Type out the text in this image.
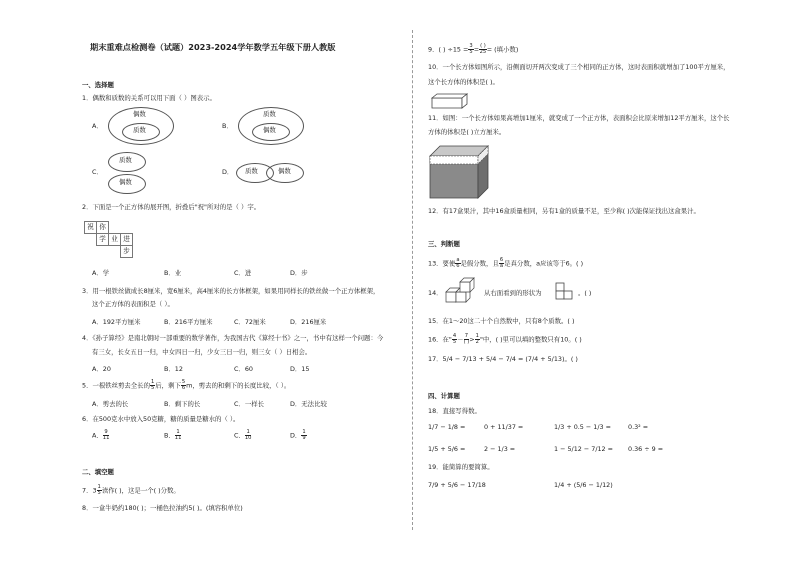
期末重难点检测卷（试题）2023-2024学年数学五年级下册人教版
一、选择题
1．偶数和质数的关系可以用下面（ ）图表示。
A．
偶数
质数	B．
质数
偶数
C．
质数
偶数
D． 质数	偶数
2．下面是一个正方体的展开图，折叠后"祝"所对的是（ ）字。
祝	你		
	学	业	进
			步
A．学	B．业	C．进	D．步
3．用一根铁丝做成长8厘米，宽6厘米，高4厘米的长方体框架，如果用同样长的铁丝做一个正方体框架，
这个正方体的表面积是（ ）。
A．192平方厘米	B．216平方厘米	C．72厘米	D．216厘米
4．《孙子算经》是南北朝时一部重要的数学著作，为我国古代《算经十书》之一，书中有这样一个问题：今
有三女，长女五日一归，中女四日一归，少女三日一归，则三女（ ）日相会。
A．20	B．12	C．60	D．15
5．一根铁丝剪去全长的 $\frac{1}{5}$ 后，剩下 $\frac{5}{6}$ m，剪去的和剩下的长度比较，（ ）。
A．剪去的长	B．剩下的长	C．一样长	D．无法比较
6．在500克水中放入50克糖，糖的质量是糖水的（ ）。
A． $\frac{9}{11}$	B． $\frac{1}{11}$	C． $\frac{1}{10}$	D． $\frac{1}{9}$
二、填空题
7．$3 \frac{1}{5}$ 读作( )，这是一个( )分数。
8．一盒牛奶约180( )；一桶色拉油约5( )。(填容积单位)
9．( ) $\div 15 = \frac{3}{5} = \frac{( )}{25}$ = (填小数)
10．一个长方体如图所示，沿侧面切开两次变成了三个相同的正方体，这时表面积就增加了100平方厘米，
这个长方体的体积是( )。
11．如图：一个长方体如果高增加1厘米，就变成了一个正方体，表面积会比原来增加12平方厘米，这个长
方体的体积是( )立方厘米。
12．有17盒果汁，其中16盒质量相同，另有1盒的质量不足，至少称( )次能保证找出这盒果汁。
三、判断题
13．要使 $\frac{a}{6}$ 是假分数，且 $\frac{6}{a}$ 是真分数，a应该等于6。( )
14．	从右面看到的形状为	。( )
15．在1～20这二十个自然数中，只有8个质数。( )
16．在" $\frac{4}{5} - \frac{7}{( )} > \frac{1}{2}$ "中，( )里可以填的整数只有10。( )
17．5/4 − 7/13 + 5/4 − 7/4 = (7/4 + 5/13)。( )
四、计算题
18．直接写得数。
1/7 − 1/8 =	0 + 11/37 =	1/3 + 0.5 − 1/3 =	0.3² =
1/5 + 5/6 =	2 − 1/3 =	1 − 5/12 − 7/12 = 0.36 ÷ 9 =
19．能简算的要简算。
7/9 + 5/6 − 17/18	1/4 + (5/6 − 1/12)
